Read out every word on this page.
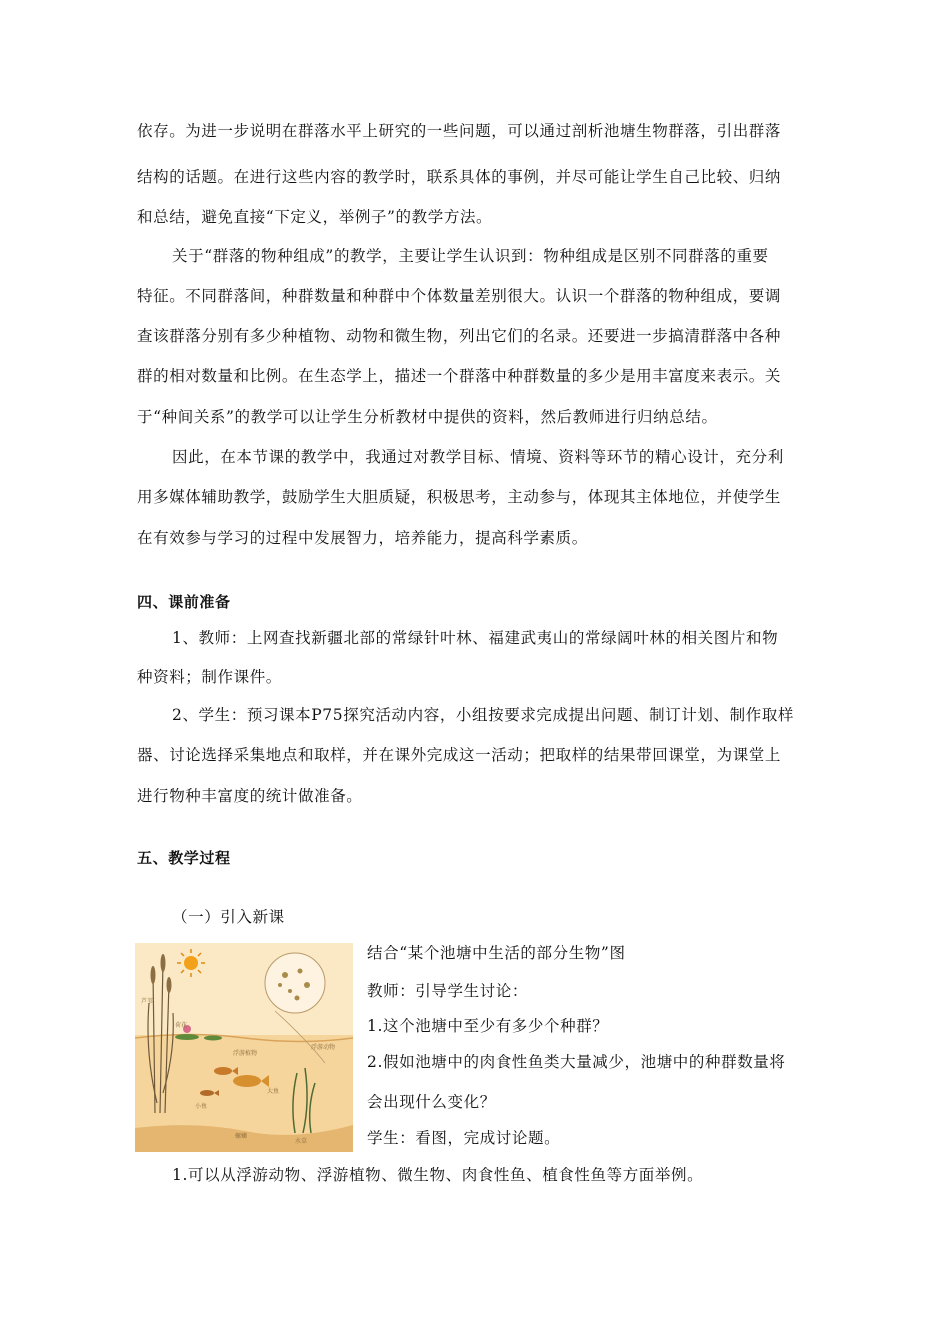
依存。为进一步说明在群落水平上研究的一些问题，可以通过剖析池塘生物群落，引出群落
结构的话题。在进行这些内容的教学时，联系具体的事例，并尽可能让学生自己比较、归纳
和总结，避免直接“下定义，举例子”的教学方法。
关于“群落的物种组成”的教学，主要让学生认识到：物种组成是区别不同群落的重要
特征。不同群落间，种群数量和种群中个体数量差别很大。认识一个群落的物种组成，要调
查该群落分别有多少种植物、动物和微生物，列出它们的名录。还要进一步搞清群落中各种
群的相对数量和比例。在生态学上，描述一个群落中种群数量的多少是用丰富度来表示。关
于“种间关系”的教学可以让学生分析教材中提供的资料，然后教师进行归纳总结。
因此，在本节课的教学中，我通过对教学目标、情境、资料等环节的精心设计，充分利
用多媒体辅助教学，鼓励学生大胆质疑，积极思考，主动参与，体现其主体地位，并使学生
在有效参与学习的过程中发展智力，培养能力，提高科学素质。
四、课前准备
1、教师：上网查找新疆北部的常绿针叶林、福建武夷山的常绿阔叶林的相关图片和物
种资料；制作课件。
2、学生：预习课本P75探究活动内容，小组按要求完成提出问题、制订计划、制作取样
器、讨论选择采集地点和取样，并在课外完成这一活动；把取样的结果带回课堂，为课堂上
进行物种丰富度的统计做准备。
五、教学过程
（一）引入新课
芦苇
荷花
浮游动物
浮游植物
大鱼
小鱼
螺蛳
水草
结合“某个池塘中生活的部分生物”图
教师：引导学生讨论：
1.这个池塘中至少有多少个种群？
2.假如池塘中的肉食性鱼类大量减少，池塘中的种群数量将
会出现什么变化？
学生：看图，完成讨论题。
1.可以从浮游动物、浮游植物、微生物、肉食性鱼、植食性鱼等方面举例。
